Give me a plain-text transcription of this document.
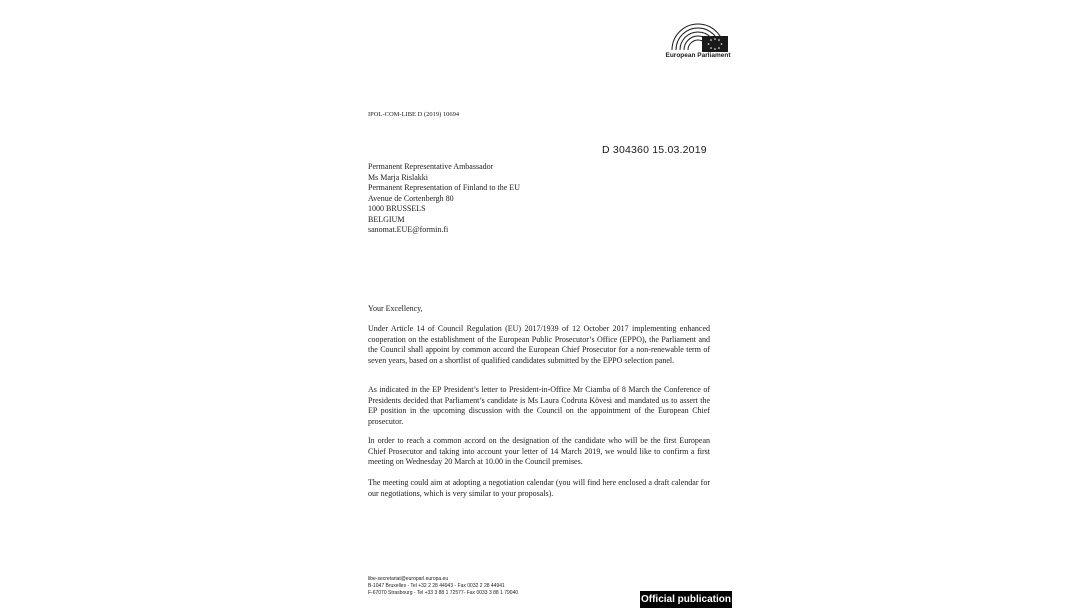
European Parliament
IPOL-COM-LIBE D (2019) 10694
D 304360 15.03.2019
Permanent Representative Ambassador
Ms Marja Rislakki
Permanent Representation of Finland to the EU
Avenue de Cortenbergh 80
1000 BRUSSELS
BELGIUM
sanomat.EUE@formin.fi
Your Excellency,
Under Article 14 of Council Regulation (EU) 2017/1939 of 12 October 2017 implementing enhanced cooperation on the establishment of the European Public Prosecutor’s Office (EPPO), the Parliament and the Council shall appoint by common accord the European Chief Prosecutor for a non-renewable term of seven years, based on a shortlist of qualified candidates submitted by the EPPO selection panel.
As indicated in the EP President’s letter to President-in-Office Mr Ciamba of 8 March the Conference of Presidents decided that Parliament’s candidate is Ms Laura Codruta Kövesi and mandated us to assert the EP position in the upcoming discussion with the Council on the appointment of the European Chief prosecutor.
In order to reach a common accord on the designation of the candidate who will be the first European Chief Prosecutor and taking into account your letter of 14 March 2019, we would like to confirm a first meeting on Wednesday 20 March at 10.00 in the Council premises.
The meeting could aim at adopting a negotiation calendar (you will find here enclosed a draft calendar for our negotiations, which is very similar to your proposals).
libe-secretariat@europarl.europa.eu
B-1047 Bruxelles - Tel +32 2 28 44943 - Fax 0032 2 28 44941
F-67070 Strasbourg - Tel +33 3 88 1 72577- Fax 0033 3 88 1 79040
Official publication
